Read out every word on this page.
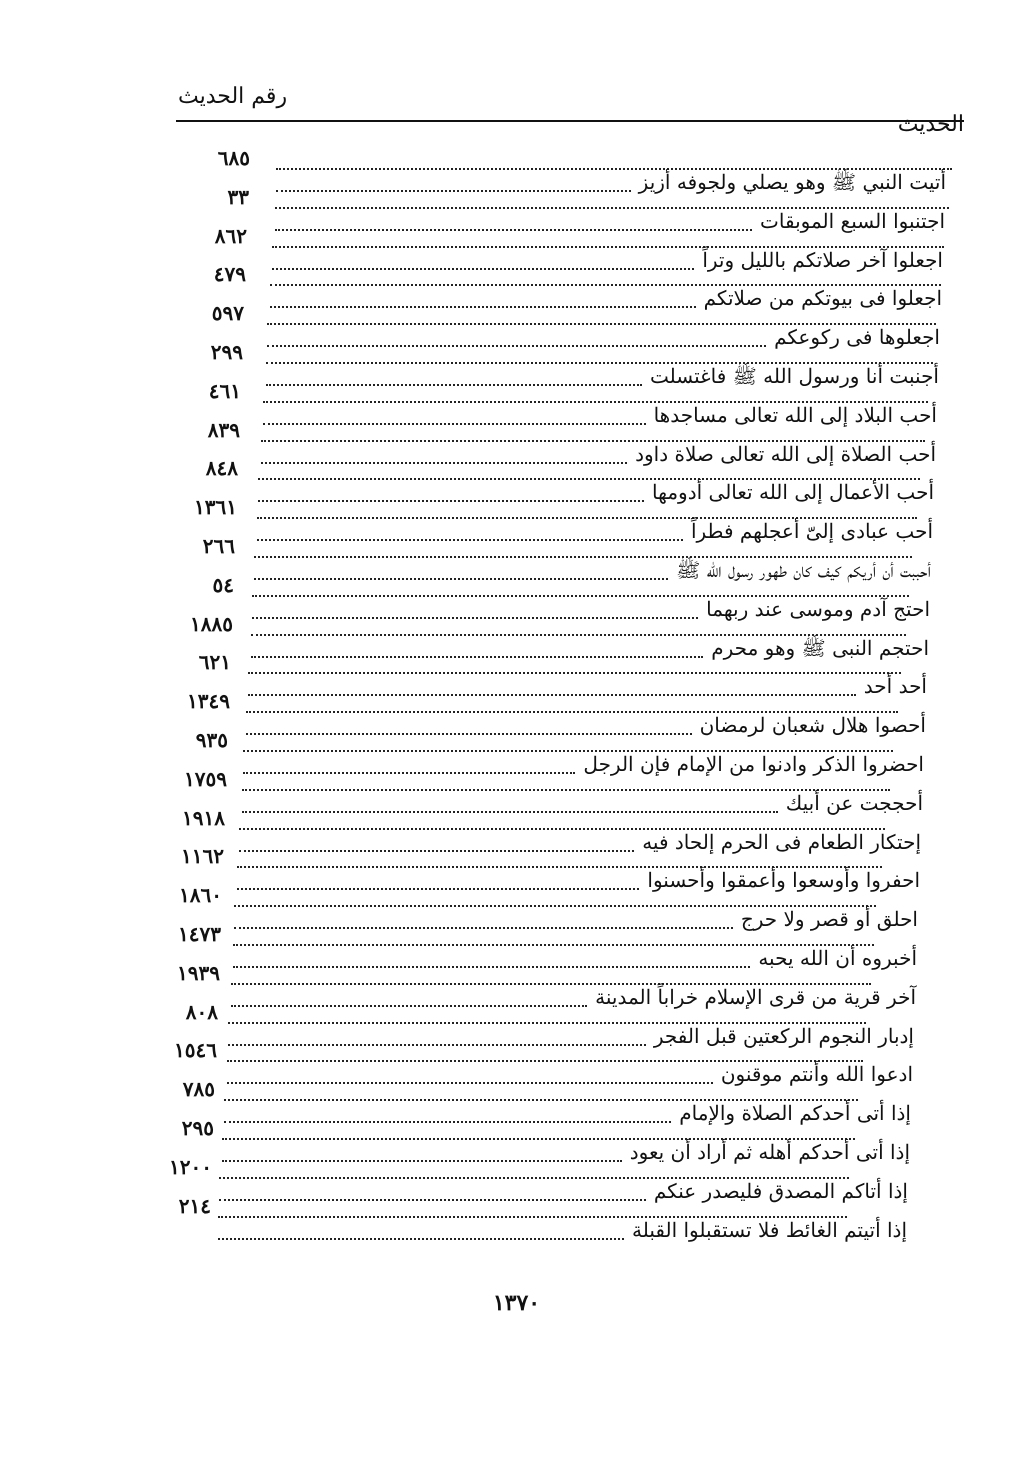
رقم الحديث
الحديث
٦٨٥
أتيت النبي ﷺ وهو يصلي ولجوفه أزيز
٣٣
اجتنبوا السبع الموبقات
٨٦٢
اجعلوا آخر صلاتكم بالليل وتراً
٤٧٩
اجعلوا فى بيوتكم من صلاتكم
٥٩٧
اجعلوها فى ركوعكم
٢٩٩
أجنبت أنا ورسول الله ﷺ فاغتسلت
٤٦١
أحب البلاد إلى الله تعالى مساجدها
٨٣٩
أحب الصلاة إلى الله تعالى صلاة داود
٨٤٨
أحب الأعمال إلى الله تعالى أدومها
١٣٦١
أحب عبادى إلىّ أعجلهم فطراً
٢٦٦
أحببت أن أريكم كيف كان طهور رسول الله ﷺ
٥٤
احتج آدم وموسى عند ربهما
١٨٨٥
احتجم النبى ﷺ وهو محرم
٦٢١
أحد أحد
١٣٤٩
أحصوا هلال شعبان لرمضان
٩٣٥
احضروا الذكر وادنوا من الإمام فإن الرجل
١٧٥٩
أحججت عن أبيك
١٩١٨
إحتكار الطعام فى الحرم إلحاد فيه
١١٦٢
احفروا وأوسعوا وأعمقوا وأحسنوا
١٨٦٠
احلق أو قصر ولا حرج
١٤٧٣
أخبروه أن الله يحبه
١٩٣٩
آخر قرية من قرى الإسلام خراباً المدينة
٨٠٨
إدبار النجوم الركعتين قبل الفجر
١٥٤٦
ادعوا الله وأنتم موقنون
٧٨٥
إذا أتى أحدكم الصلاة والإمام
٢٩٥
إذا أتى أحدكم أهله ثم أراد أن يعود
١٢٠٠
إذا أتاكم المصدق فليصدر عنكم
٢١٤
إذا أتيتم الغائط فلا تستقبلوا القبلة
١٣٧٠
